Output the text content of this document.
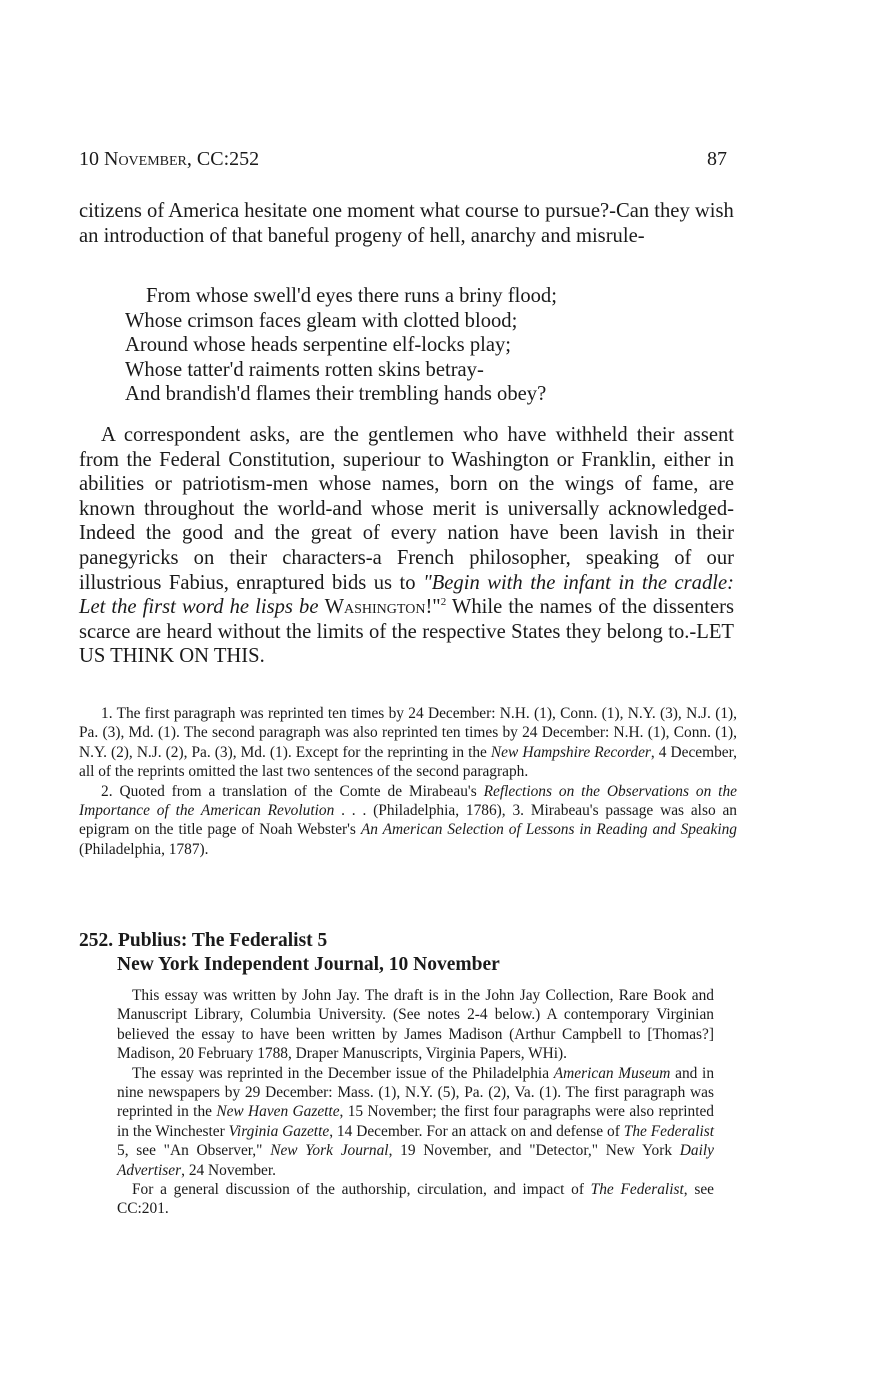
10 November, CC:252	87
citizens of America hesitate one moment what course to pursue?-Can they wish an introduction of that baneful progeny of hell, anarchy and misrule-
From whose swell'd eyes there runs a briny flood;
Whose crimson faces gleam with clotted blood;
Around whose heads serpentine elf-locks play;
Whose tatter'd raiments rotten skins betray-
And brandish'd flames their trembling hands obey?
A correspondent asks, are the gentlemen who have withheld their assent from the Federal Constitution, superiour to Washington or Franklin, either in abilities or patriotism-men whose names, born on the wings of fame, are known throughout the world-and whose merit is universally acknowledged-Indeed the good and the great of every nation have been lavish in their panegyricks on their characters-a French philosopher, speaking of our illustrious Fabius, enraptured bids us to "Begin with the infant in the cradle: Let the first word he lisps be Washington!"$^2$ While the names of the dissenters scarce are heard without the limits of the respective States they belong to.-LET US THINK ON THIS.

1. The first paragraph was reprinted ten times by 24 December: N.H. (1), Conn. (1), N.Y. (3), N.J. (1), Pa. (3), Md. (1). The second paragraph was also reprinted ten times by 24 December: N.H. (1), Conn. (1), N.Y. (2), N.J. (2), Pa. (3), Md. (1). Except for the reprinting in the New Hampshire Recorder, 4 December, all of the reprints omitted the last two sentences of the second paragraph.

2. Quoted from a translation of the Comte de Mirabeau's Reflections on the Observations on the Importance of the American Revolution . . . (Philadelphia, 1786), 3. Mirabeau's passage was also an epigram on the title page of Noah Webster's An American Selection of Lessons in Reading and Speaking (Philadelphia, 1787).

252. Publius: The Federalist 5
New York Independent Journal, 10 November

This essay was written by John Jay. The draft is in the John Jay Collection, Rare Book and Manuscript Library, Columbia University. (See notes 2-4 below.) A contemporary Virginian believed the essay to have been written by James Madison (Arthur Campbell to [Thomas?] Madison, 20 February 1788, Draper Manuscripts, Virginia Papers, WHi).

The essay was reprinted in the December issue of the Philadelphia American Museum and in nine newspapers by 29 December: Mass. (1), N.Y. (5), Pa. (2), Va. (1). The first paragraph was reprinted in the New Haven Gazette, 15 November; the first four paragraphs were also reprinted in the Winchester Virginia Gazette, 14 December. For an attack on and defense of The Federalist 5, see "An Observer," New York Journal, 19 November, and "Detector," New York Daily Advertiser, 24 November.

For a general discussion of the authorship, circulation, and impact of The Federalist, see CC:201.
